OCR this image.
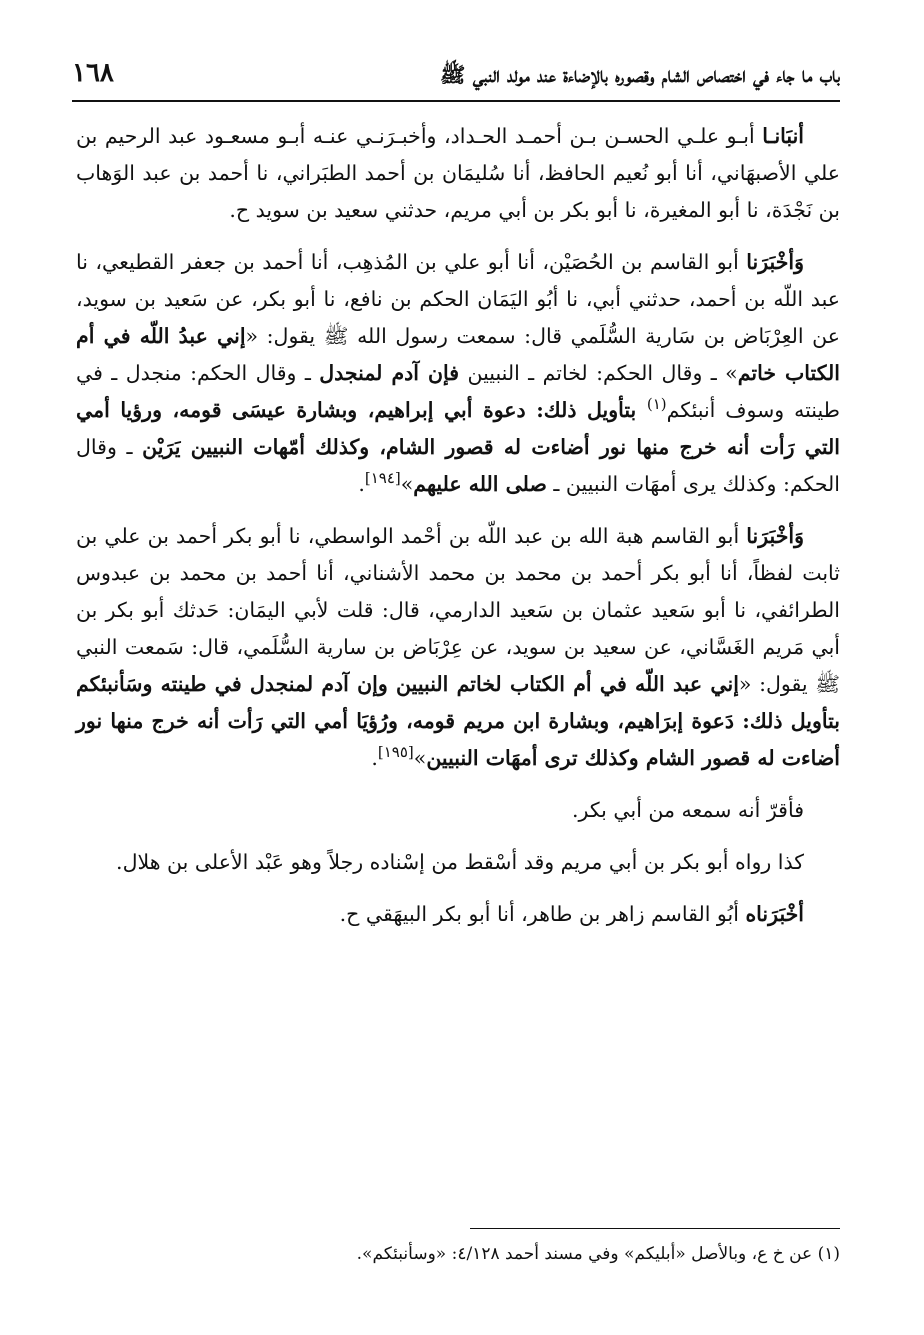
باب ما جاء في اختصاص الشام وقصوره بالإضاءة عند مولد النبي ﷺ
١٦٨

أنبَانـا أبـو علـي الحسـن بـن أحمـد الحـداد، وأخبـرَنـي عنـه أبـو مسعـود عبد الرحيم بن علي الأصبهَاني، أنا أبو نُعيم الحافظ، أنا سُليمَان بن أحمد الطبَراني، نا أحمد بن عبد الوَهاب بن نَجْدَة، نا أبو المغيرة، نا أبو بكر بن أبي مريم، حدثني سعيد بن سويد ح.

وَأخْبَرَنا أبو القاسم بن الحُصَيْن، أنا أبو علي بن المُذهِب، أنا أحمد بن جعفر القطيعي، نا عبد اللّه بن أحمد، حدثني أبي، نا أبُو اليَمَان الحكم بن نافع، نا أبو بكر، عن سَعيد بن سويد، عن العِرْبَاض بن سَارية السُّلَمي قال: سمعت رسول الله ﷺ يقول: «إني عبدُ اللّه في أم الكتاب خاتم» ـ وقال الحكم: لخاتم ـ النبيين فإن آدم لمنجدل ـ وقال الحكم: منجدل ـ في طينته وسوف أنبئكم$^{(١)}$ بتأويل ذلك: دعوة أبي إبراهيم، وبشارة عيسَى قومه، ورؤيا أمي التي رَأت أنه خرج منها نور أضاءت له قصور الشام، وكذلك أمّهات النبيين يَرَيْن ـ وقال الحكم: وكذلك يرى أمهَات النبيين ـ صلى الله عليهم»[١٩٤].

وَأخْبَرَنا أبو القاسم هبة الله بن عبد اللّه بن أحْمد الواسطي، نا أبو بكر أحمد بن علي بن ثابت لفظاً، أنا أبو بكر أحمد بن محمد بن محمد الأشناني، أنا أحمد بن محمد بن عبدوس الطرائفي، نا أبو سَعيد عثمان بن سَعيد الدارمي، قال: قلت لأبي اليمَان: حَدثك أبو بكر بن أبي مَريم الغَسَّاني، عن سعيد بن سويد، عن عِرْبَاض بن سارية السُّلَمي، قال: سَمعت النبي ﷺ يقول: «إني عبد اللّه في أم الكتاب لخاتم النبيين وإن آدم لمنجدل في طينته وسَأنبئكم بتأويل ذلك: دَعوة إبرَاهيم، وبشارة ابن مريم قومه، ورُؤيَا أمي التي رَأت أنه خرج منها نور أضاءت له قصور الشام وكذلك ترى أمهَات النبيين»[١٩٥].

فأقرّ أنه سمعه من أبي بكر.

كذا رواه أبو بكر بن أبي مريم وقد أسْقط من إسْناده رجلاً وهو عَبْد الأعلى بن هلال.

أخْبَرَناه أبُو القاسم زاهر بن طاهر، أنا أبو بكر البيهَقي ح.

(١) عن خ ع، وبالأصل «أبليكم» وفي مسند أحمد ٤/١٢٨: «وسأنبئكم».
